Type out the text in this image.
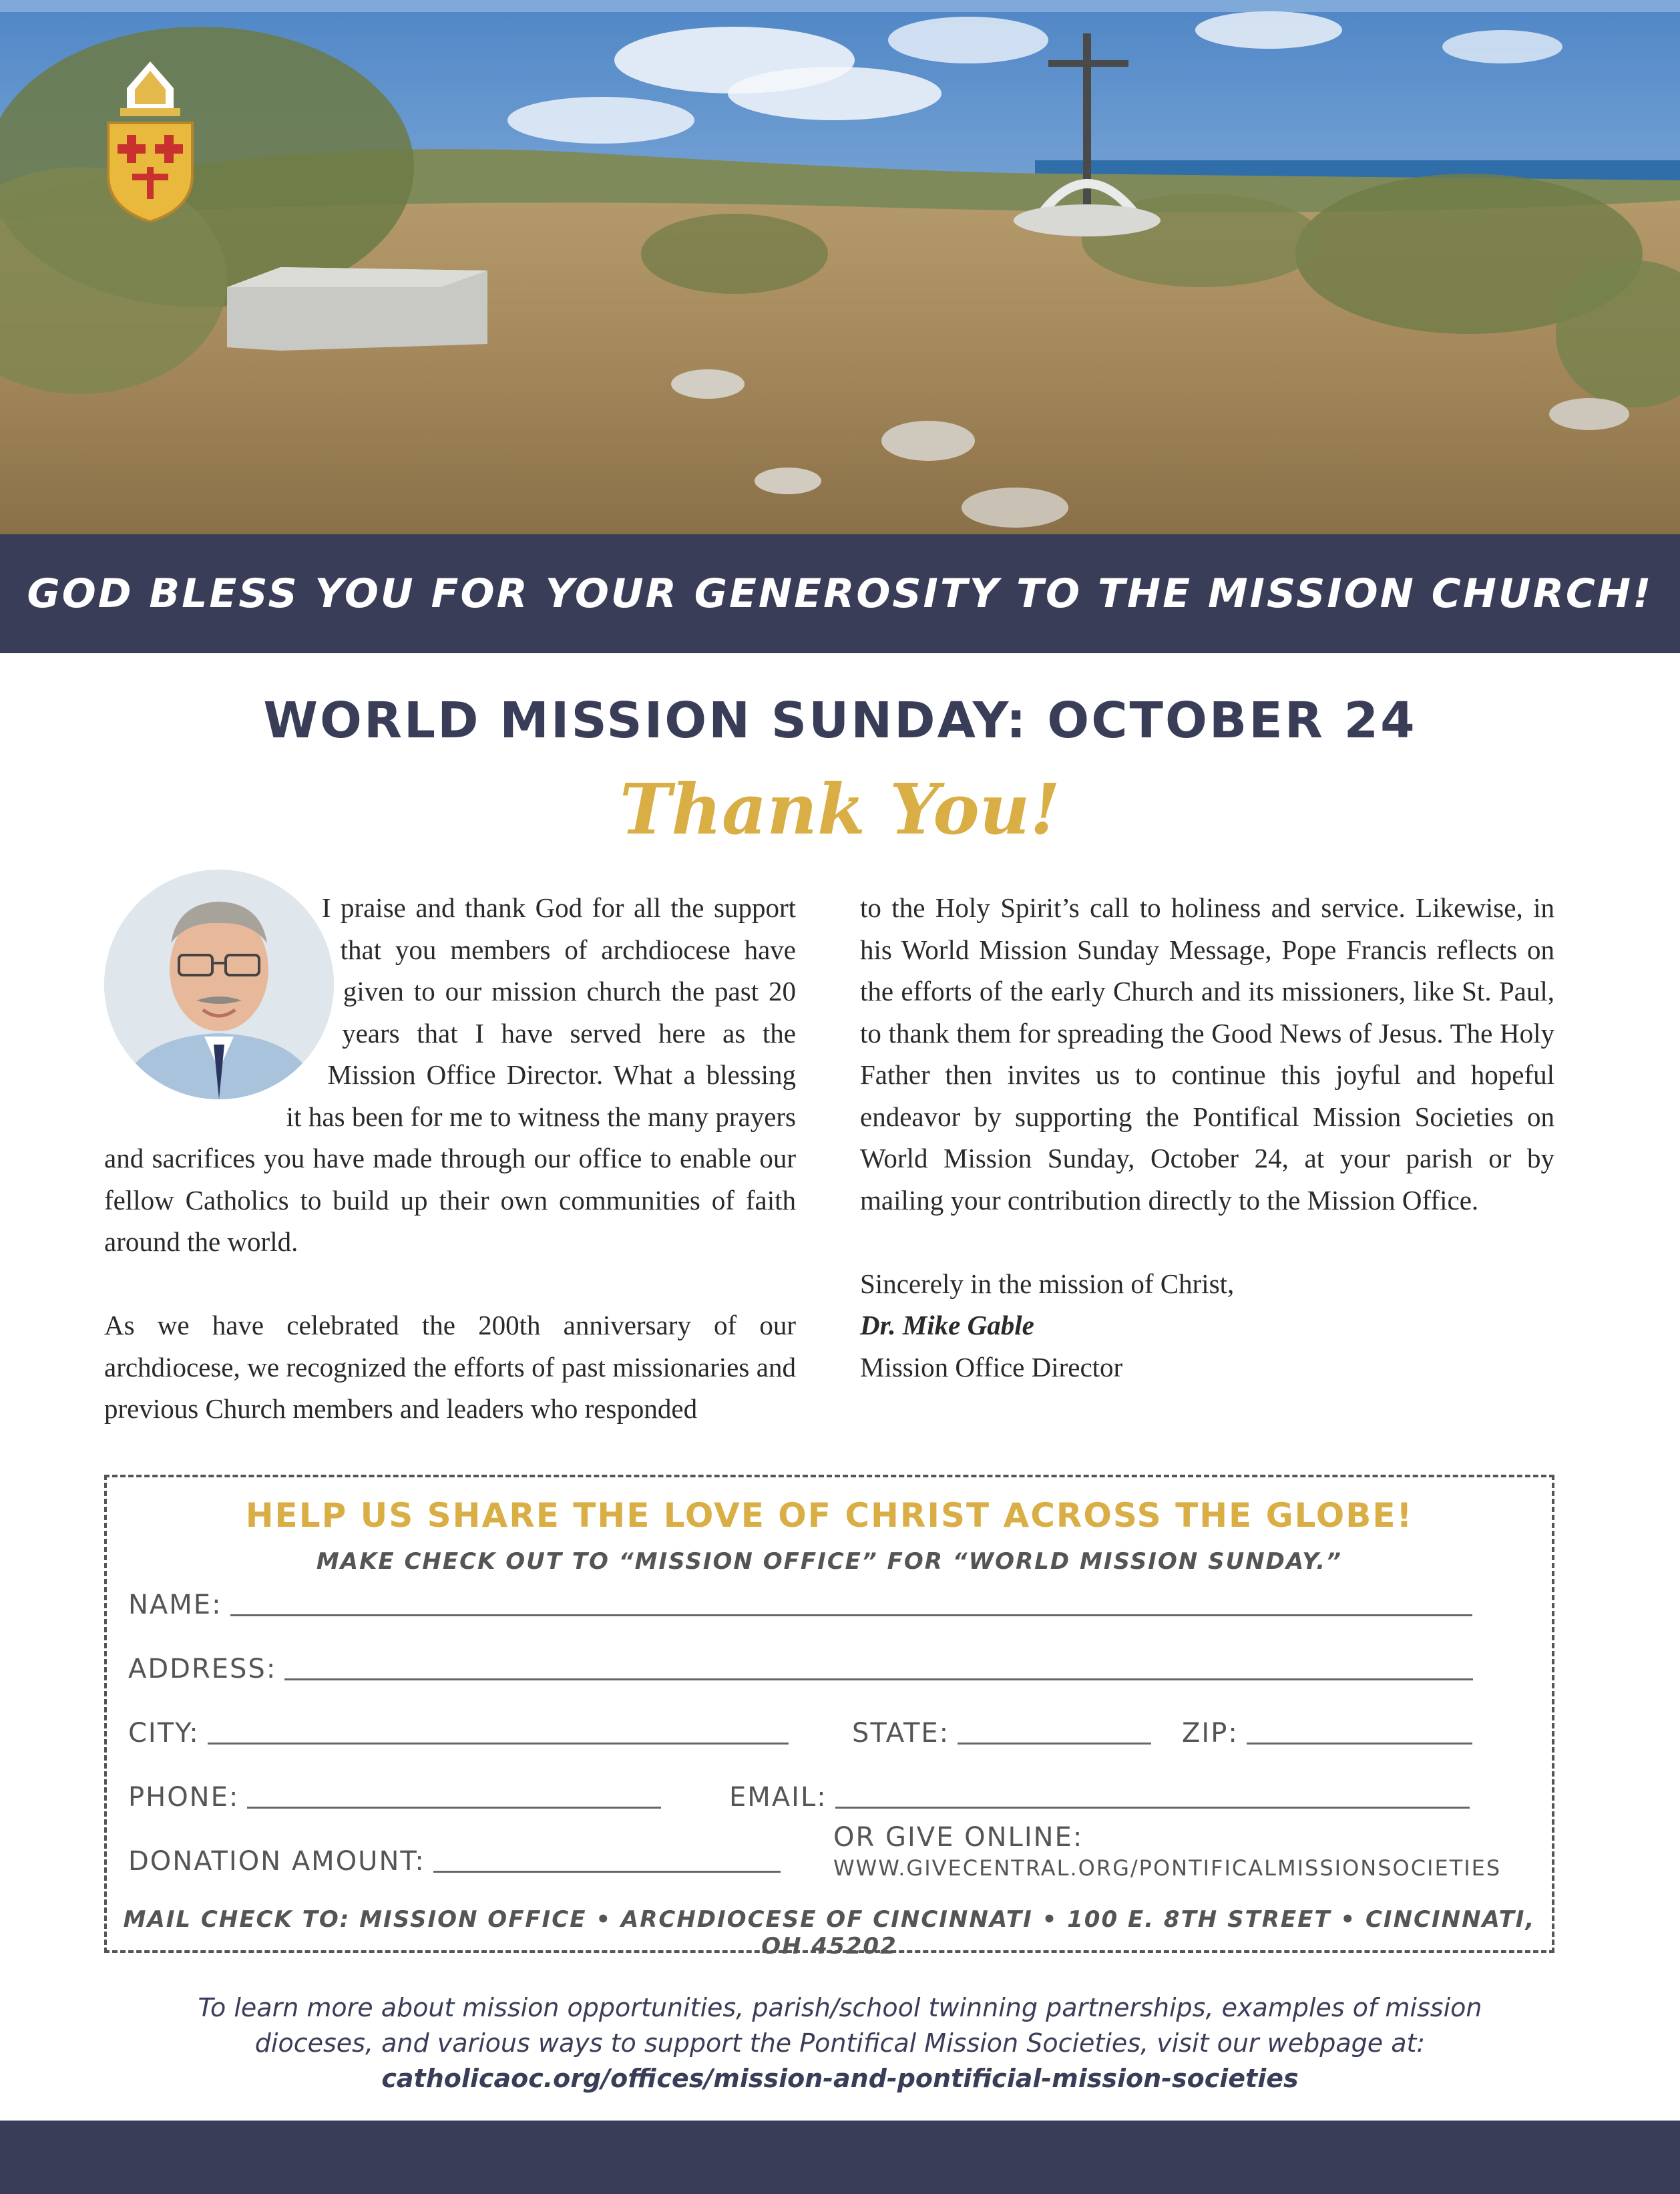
GOD BLESS YOU FOR YOUR GENEROSITY TO THE MISSION CHURCH!
WORLD MISSION SUNDAY: OCTOBER 24
Thank You!

I praise and thank God for all the support that you members of archdiocese have given to our mission church the past 20 years that I have served here as the Mission Office Director. What a blessing it has been for me to witness the many prayers and sacrifices you have made through our office to enable our fellow Catholics to build up their own communities of faith around the world.

As we have celebrated the 200th anniversary of our archdiocese, we recognized the efforts of past missionaries and previous Church members and leaders who responded

to the Holy Spirit’s call to holiness and service. Likewise, in his World Mission Sunday Message, Pope Francis reflects on the efforts of the early Church and its missioners, like St. Paul, to thank them for spreading the Good News of Jesus. The Holy Father then invites us to continue this joyful and hopeful endeavor by supporting the Pontifical Mission Societies on World Mission Sunday, October 24, at your parish or by mailing your contribution directly to the Mission Office.

Sincerely in the mission of Christ,

Dr. Mike Gable

Mission Office Director

HELP US SHARE THE LOVE OF CHRIST ACROSS THE GLOBE!
MAKE CHECK OUT TO “MISSION OFFICE” FOR “WORLD MISSION SUNDAY.”
NAME:
ADDRESS:
CITY:	STATE:	ZIP:
PHONE:	EMAIL:
DONATION AMOUNT:
OR GIVE ONLINE:
WWW.GIVECENTRAL.ORG/PONTIFICALMISSIONSOCIETIES
MAIL CHECK TO: MISSION OFFICE • ARCHDIOCESE OF CINCINNATI • 100 E. 8TH STREET • CINCINNATI, OH 45202
To learn more about mission opportunities, parish/school twinning partnerships, examples of mission
dioceses, and various ways to support the Pontifical Mission Societies, visit our webpage at:
catholicaoc.org/offices/mission-and-pontificial-mission-societies
